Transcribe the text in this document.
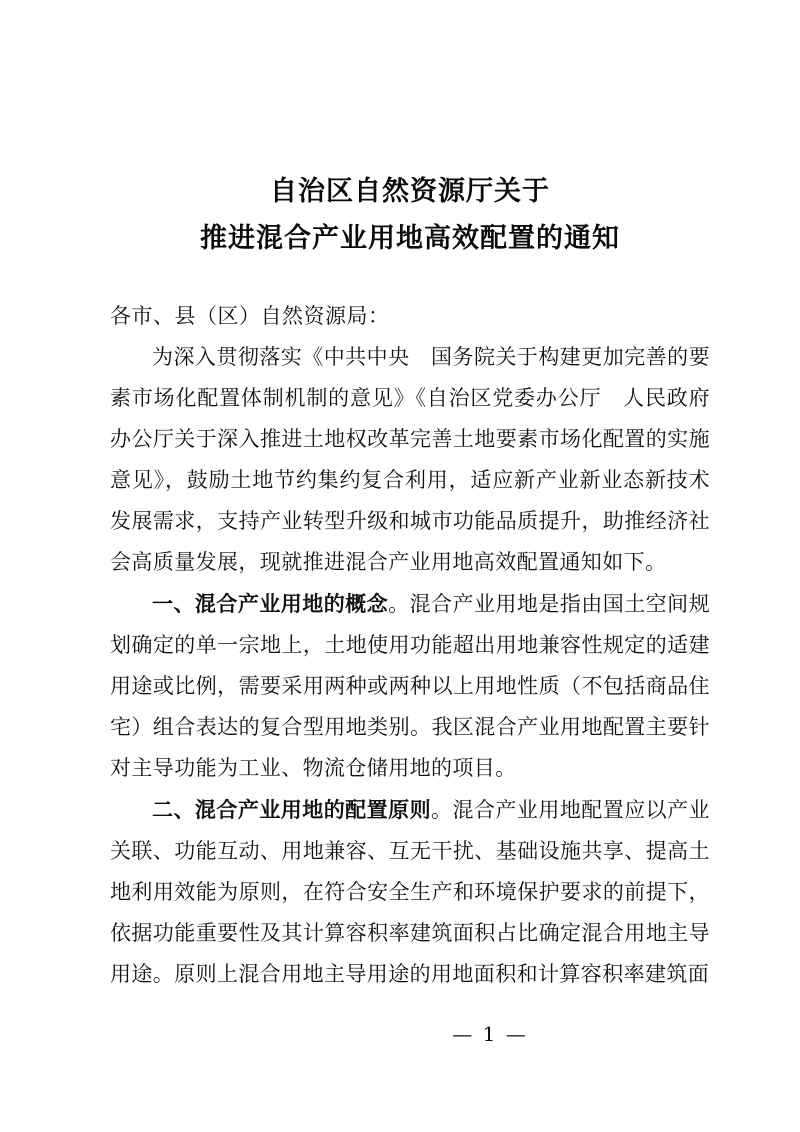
自治区自然资源厅关于
推进混合产业用地高效配置的通知
各市、县（区）自然资源局：

为深入贯彻落实《中共中央　国务院关于构建更加完善的要素市场化配置体制机制的意见》《自治区党委办公厅　人民政府办公厅关于深入推进土地权改革完善土地要素市场化配置的实施意见》，鼓励土地节约集约复合利用，适应新产业新业态新技术发展需求，支持产业转型升级和城市功能品质提升，助推经济社会高质量发展，现就推进混合产业用地高效配置通知如下。

一、混合产业用地的概念。混合产业用地是指由国土空间规划确定的单一宗地上，土地使用功能超出用地兼容性规定的适建用途或比例，需要采用两种或两种以上用地性质（不包括商品住宅）组合表达的复合型用地类别。我区混合产业用地配置主要针对主导功能为工业、物流仓储用地的项目。

二、混合产业用地的配置原则。混合产业用地配置应以产业关联、功能互动、用地兼容、互无干扰、基础设施共享、提高土地利用效能为原则，在符合安全生产和环境保护要求的前提下，依据功能重要性及其计算容积率建筑面积占比确定混合用地主导用途。原则上混合用地主导用途的用地面积和计算容积率建筑面

— 1 —
